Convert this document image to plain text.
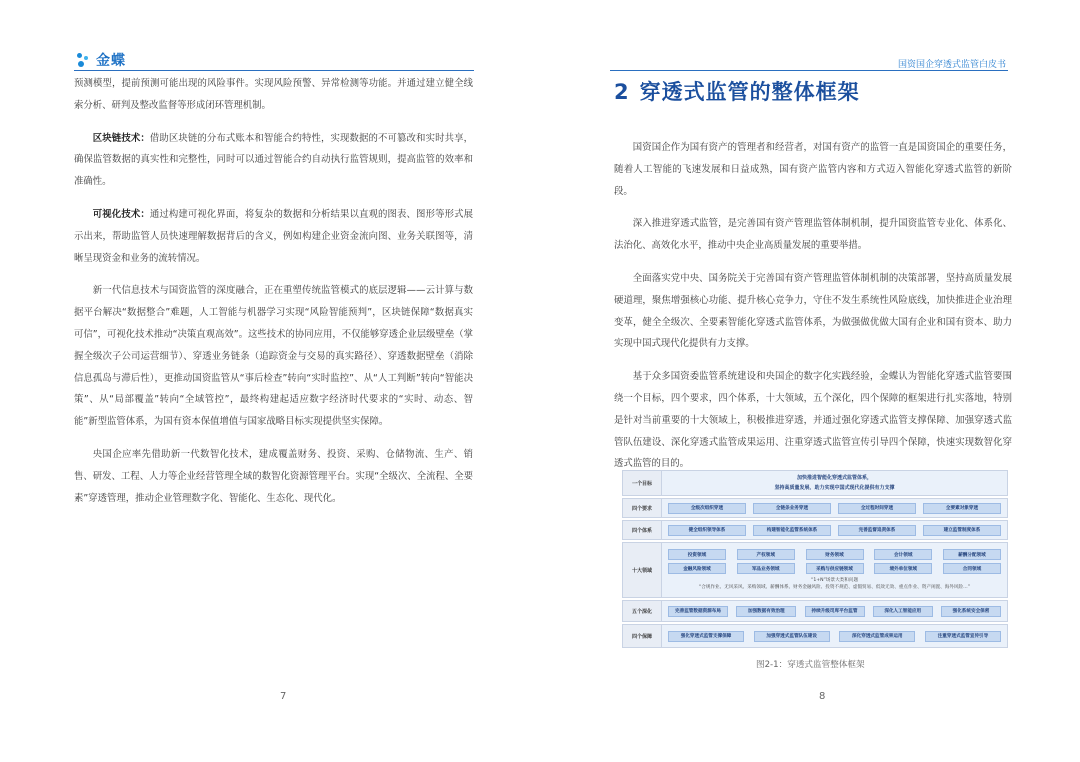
金蝶

预测模型，提前预测可能出现的风险事件。实现风险预警、异常检测等功能。并通过建立健全线索分析、研判及整改监督等形成闭环管理机制。

区块链技术：借助区块链的分布式账本和智能合约特性，实现数据的不可篡改和实时共享，确保监管数据的真实性和完整性，同时可以通过智能合约自动执行监管规则，提高监管的效率和准确性。

可视化技术：通过构建可视化界面，将复杂的数据和分析结果以直观的图表、图形等形式展示出来，帮助监管人员快速理解数据背后的含义，例如构建企业资金流向图、业务关联图等，清晰呈现资金和业务的流转情况。

新一代信息技术与国资监管的深度融合，正在重塑传统监管模式的底层逻辑——云计算与数据平台解决“数据整合”难题，人工智能与机器学习实现“风险智能预判”，区块链保障“数据真实可信”，可视化技术推动“决策直观高效”。这些技术的协同应用，不仅能够穿透企业层级壁垒（掌握全级次子公司运营细节）、穿透业务链条（追踪资金与交易的真实路径）、穿透数据壁垒（消除信息孤岛与滞后性），更推动国资监管从“事后检查”转向“实时监控”、从“人工判断”转向“智能决策”、从“局部覆盖”转向“全域管控”，最终构建起适应数字经济时代要求的“实时、动态、智能”新型监管体系，为国有资本保值增值与国家战略目标实现提供坚实保障。

央国企应率先借助新一代数智化技术，建成覆盖财务、投资、采购、仓储物流、生产、销售、研发、工程、人力等企业经营管理全域的数智化资源管理平台。实现“全级次、全流程、全要素”穿透管理，推动企业管理数字化、智能化、生态化、现代化。

7
国资国企穿透式监管白皮书
2 穿透式监管的整体框架

国资国企作为国有资产的管理者和经营者，对国有资产的监管一直是国资国企的重要任务，随着人工智能的飞速发展和日益成熟，国有资产监管内容和方式迈入智能化穿透式监管的新阶段。

深入推进穿透式监管，是完善国有资产管理监管体制机制，提升国资监管专业化、体系化、法治化、高效化水平，推动中央企业高质量发展的重要举措。

全面落实党中央、国务院关于完善国有资产管理监管体制机制的决策部署，坚持高质量发展硬道理，聚焦增强核心功能、提升核心竞争力，守住不发生系统性风险底线，加快推进企业治理变革，健全全级次、全要素智能化穿透式监管体系，为做强做优做大国有企业和国有资本、助力实现中国式现代化提供有力支撑。

基于众多国资委监管系统建设和央国企的数字化实践经验，金蝶认为智能化穿透式监管要围绕一个目标，四个要求，四个体系，十大领域，五个深化，四个保障的框架进行扎实落地，特别是针对当前重要的十大领域上，积极推进穿透，并通过强化穿透式监管支撑保障、加强穿透式监管队伍建设、深化穿透式监管成果运用、注重穿透式监管宣传引导四个保障，快速实现数智化穿透式监管的目的。

一个目标
加快推进智能化穿透式监管体系，
坚持高质量发展、助力实现中国式现代化提供有力支撑
四个要求	全级次组织穿透	全链条业务穿透	全过程时间穿透	全要素对象穿透
四个体系	健全组织领导体系	构建智能化监管系统体系	完善监督追责体系	建立监管制度体系
十大领域
投资领域	产权领域	财务领域	会计领域	薪酬分配领域
金融风险领域	军品业务领域	采购与供应链领域	境外单位领域	合同领域
“1+N”场景大类和问题
“合规作业、无风采风、采购领域、薪酬体系、财务金融风险、投资不规范、虚假贸易、低效无效、重点作业、资产闲置、海外风险…”
五个深化	完善监管数据资源布局	加强数据有效治理	持续升级司库平台监管	深化人工智能应用	强化系统安全保密
四个保障	强化穿透式监管支撑保障	加强穿透式监管队伍建设	深化穿透式监管成果运用	注重穿透式监管宣传引导
图2-1：穿透式监管整体框架
8
